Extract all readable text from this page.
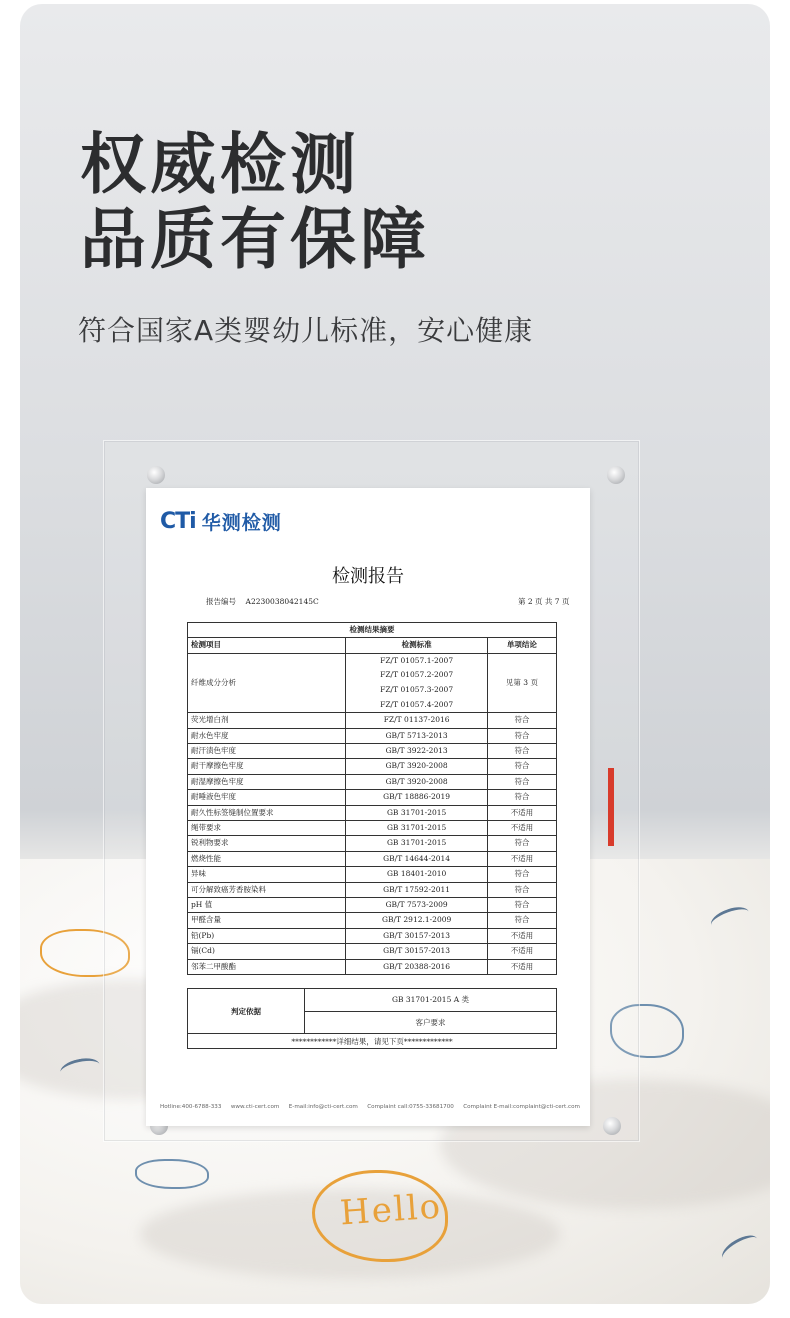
权威检测
品质有保障
符合国家A类婴幼儿标准，安心健康
Hello
CTi 华测检测
检测报告
报告编号 A2230038042145C	第 2 页 共 7 页
检测结果摘要		
检测项目	检测标准	单项结论
纤维成分分析	FZ/T 01057.1-2007
FZ/T 01057.2-2007
FZ/T 01057.3-2007
FZ/T 01057.4-2007	见第 3 页
荧光增白剂	FZ/T 01137-2016	符合
耐水色牢度	GB/T 5713-2013	符合
耐汗渍色牢度	GB/T 3922-2013	符合
耐干摩擦色牢度	GB/T 3920-2008	符合
耐湿摩擦色牢度	GB/T 3920-2008	符合
耐唾液色牢度	GB/T 18886-2019	符合
耐久性标签缝制位置要求	GB 31701-2015	不适用
绳带要求	GB 31701-2015	不适用
锐利物要求	GB 31701-2015	符合
燃烧性能	GB/T 14644-2014	不适用
异味	GB 18401-2010	符合
可分解致癌芳香胺染料	GB/T 17592-2011	符合
pH 值	GB/T 7573-2009	符合
甲醛含量	GB/T 2912.1-2009	符合
铅(Pb)	GB/T 30157-2013	不适用
镉(Cd)	GB/T 30157-2013	不适用
邻苯二甲酸酯	GB/T 20388-2016	不适用
判定依据	GB 31701-2015 A 类
客户要求
************详细结果，请见下页*************
Hotline:400-6788-333 www.cti-cert.com E-mail:info@cti-cert.com Complaint call:0755-33681700 Complaint E-mail:complaint@cti-cert.com
